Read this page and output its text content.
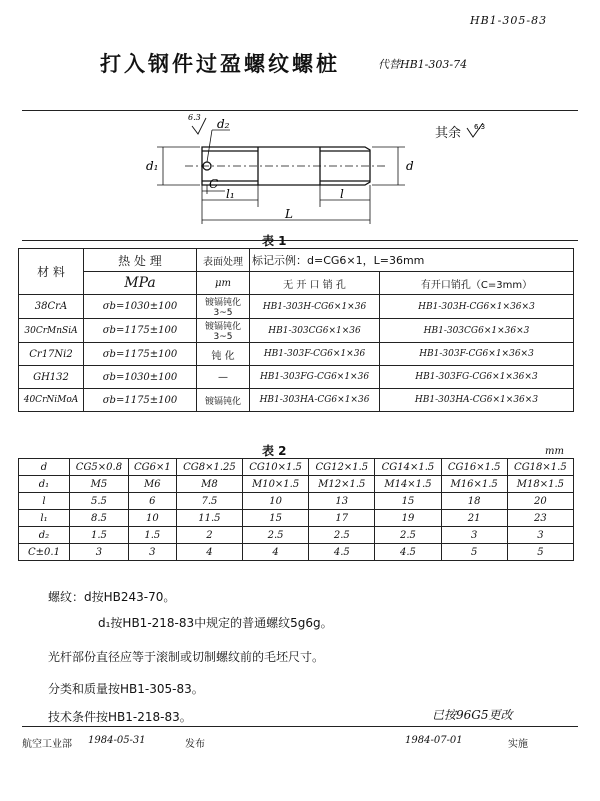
HB1-305-83
打入钢件过盈螺纹螺桩	代替HB1-303-74
d₂
6.3
d₁	d
C
l₁	l
L
其余 6.3
表 1
材 料	热 处 理	表面处理	标记示例：d=CG6×1，L=36mm	
	MPa	μm	无 开 口 销 孔	有开口销孔（C=3mm）
38CrA	σb=1030±100	镀镉钝化 3~5	HB1-303H-CG6×1×36	HB1-303H-CG6×1×36×3
30CrMnSiA	σb=1175±100	镀镉钝化 3~5	HB1-303CG6×1×36	HB1-303CG6×1×36×3
Cr17Ni2	σb=1175±100	钝 化	HB1-303F-CG6×1×36	HB1-303F-CG6×1×36×3
GH132	σb=1030±100	—	HB1-303FG-CG6×1×36	HB1-303FG-CG6×1×36×3
40CrNiMoA	σb=1175±100	镀镉钝化	HB1-303HA-CG6×1×36	HB1-303HA-CG6×1×36×3
表 2	mm
d	CG5×0.8	CG6×1	CG8×1.25	CG10×1.5	CG12×1.5	CG14×1.5	CG16×1.5	CG18×1.5
d₁	M5	M6	M8	M10×1.5	M12×1.5	M14×1.5	M16×1.5	M18×1.5
l	5.5	6	7.5	10	13	15	18	20
l₁	8.5	10	11.5	15	17	19	21	23
d₂	1.5	1.5	2	2.5	2.5	2.5	3	3
C±0.1	3	3	4	4	4.5	4.5	5	5
螺纹：d按HB243-70。
d₁按HB1-218-83中规定的普通螺纹5g6g。
光杆部份直径应等于滚制或切制螺纹前的毛坯尺寸。
分类和质量按HB1-305-83。
技术条件按HB1-218-83。	已按96G5更改
航空工业部 1984-05-31	发布	1984-07-01	实施
